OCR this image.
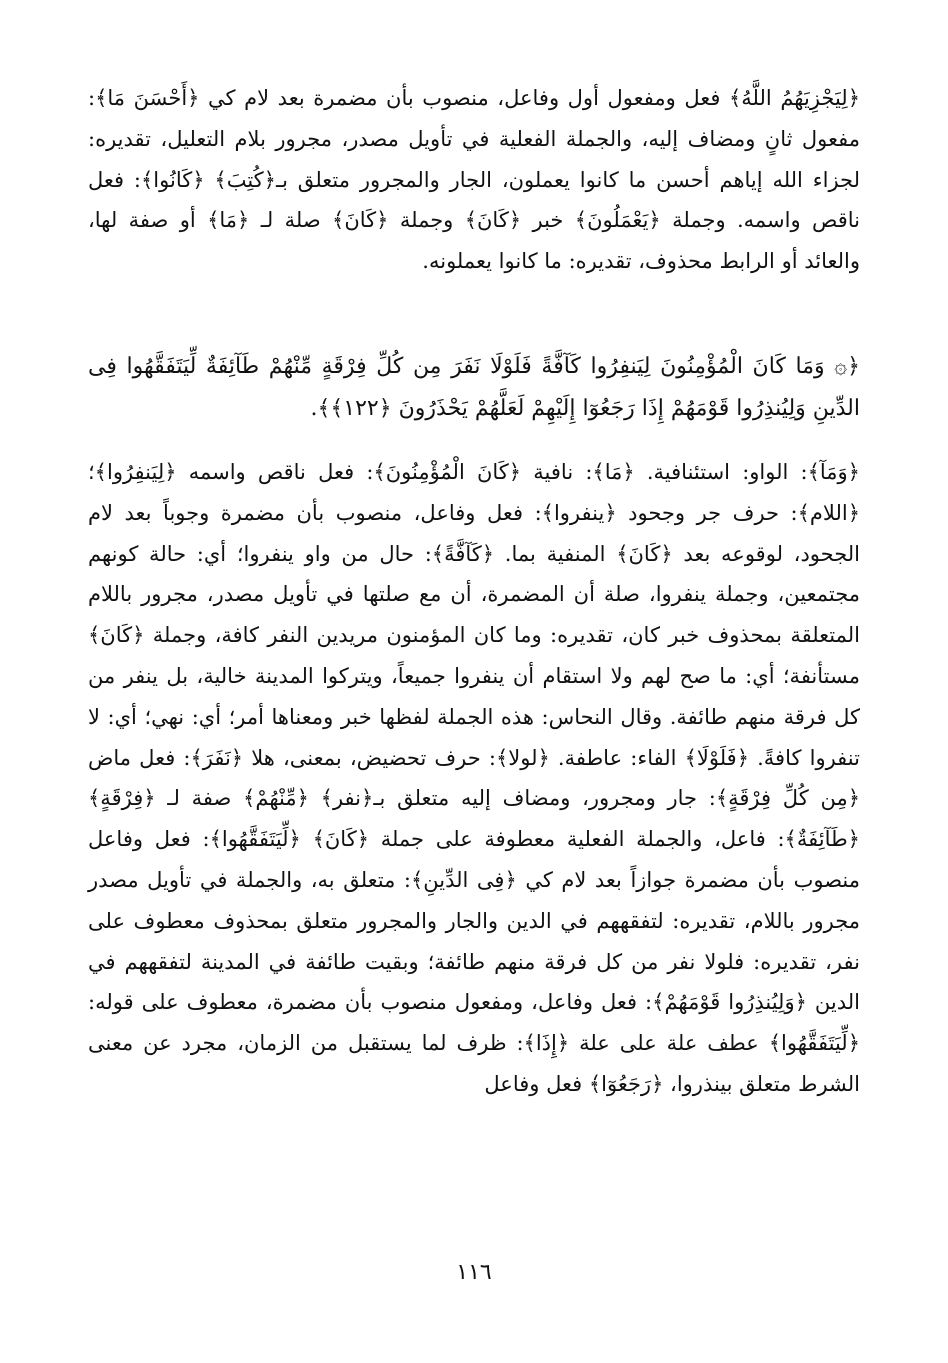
﴿لِيَجْزِيَهُمُ اللَّهُ﴾ فعل ومفعول أول وفاعل، منصوب بأن مضمرة بعد لام كي ﴿أَحْسَنَ مَا﴾: مفعول ثانٍ ومضاف إليه، والجملة الفعلية في تأويل مصدر، مجرور بلام التعليل، تقديره: لجزاء الله إياهم أحسن ما كانوا يعملون، الجار والمجرور متعلق بـ﴿كُتِبَ﴾ ﴿كَانُوا﴾: فعل ناقص واسمه. وجملة ﴿يَعْمَلُونَ﴾ خبر ﴿كَانَ﴾ وجملة ﴿كَانَ﴾ صلة لـ ﴿مَا﴾ أو صفة لها، والعائد أو الرابط محذوف، تقديره: ما كانوا يعملونه.

﴿۞ وَمَا كَانَ الْمُؤْمِنُونَ لِيَنفِرُوا كَآفَّةً فَلَوْلَا نَفَرَ مِن كُلِّ فِرْقَةٍ مِّنْهُمْ طَآئِفَةٌ لِّيَتَفَقَّهُوا فِى الدِّينِ وَلِيُنذِرُوا قَوْمَهُمْ إِذَا رَجَعُوٓا إِلَيْهِمْ لَعَلَّهُمْ يَحْذَرُونَ ﴿١٢٢﴾﴾.

﴿وَمَآ﴾: الواو: استئنافية. ﴿مَا﴾: نافية ﴿كَانَ الْمُؤْمِنُونَ﴾: فعل ناقص واسمه ﴿لِيَنفِرُوا﴾؛ ﴿اللام﴾: حرف جر وجحود ﴿ينفروا﴾: فعل وفاعل، منصوب بأن مضمرة وجوباً بعد لام الجحود، لوقوعه بعد ﴿كَانَ﴾ المنفية بما. ﴿كَآفَّةً﴾: حال من واو ينفروا؛ أي: حالة كونهم مجتمعين، وجملة ينفروا، صلة أن المضمرة، أن مع صلتها في تأويل مصدر، مجرور باللام المتعلقة بمحذوف خبر كان، تقديره: وما كان المؤمنون مريدين النفر كافة، وجملة ﴿كَانَ﴾ مستأنفة؛ أي: ما صح لهم ولا استقام أن ينفروا جميعاً، ويتركوا المدينة خالية، بل ينفر من كل فرقة منهم طائفة. وقال النحاس: هذه الجملة لفظها خبر ومعناها أمر؛ أي: نهي؛ أي: لا تنفروا كافةً. ﴿فَلَوْلَا﴾ الفاء: عاطفة. ﴿لولا﴾: حرف تحضيض، بمعنى، هلا ﴿نَفَرَ﴾: فعل ماض ﴿مِن كُلِّ فِرْقَةٍ﴾: جار ومجرور، ومضاف إليه متعلق بـ﴿نفر﴾ ﴿مِّنْهُمْ﴾ صفة لـ ﴿فِرْقَةٍ﴾ ﴿طَآئِفَةٌ﴾: فاعل، والجملة الفعلية معطوفة على جملة ﴿كَانَ﴾ ﴿لِّيَتَفَقَّهُوا﴾: فعل وفاعل منصوب بأن مضمرة جوازاً بعد لام كي ﴿فِى الدِّينِ﴾: متعلق به، والجملة في تأويل مصدر مجرور باللام، تقديره: لتفقههم في الدين والجار والمجرور متعلق بمحذوف معطوف على نفر، تقديره: فلولا نفر من كل فرقة منهم طائفة؛ وبقيت طائفة في المدينة لتفقههم في الدين ﴿وَلِيُنذِرُوا قَوْمَهُمْ﴾: فعل وفاعل، ومفعول منصوب بأن مضمرة، معطوف على قوله: ﴿لِّيَتَفَقَّهُوا﴾ عطف علة على علة ﴿إِذَا﴾: ظرف لما يستقبل من الزمان، مجرد عن معنى الشرط متعلق بينذروا، ﴿رَجَعُوٓا﴾ فعل وفاعل

١١٦
